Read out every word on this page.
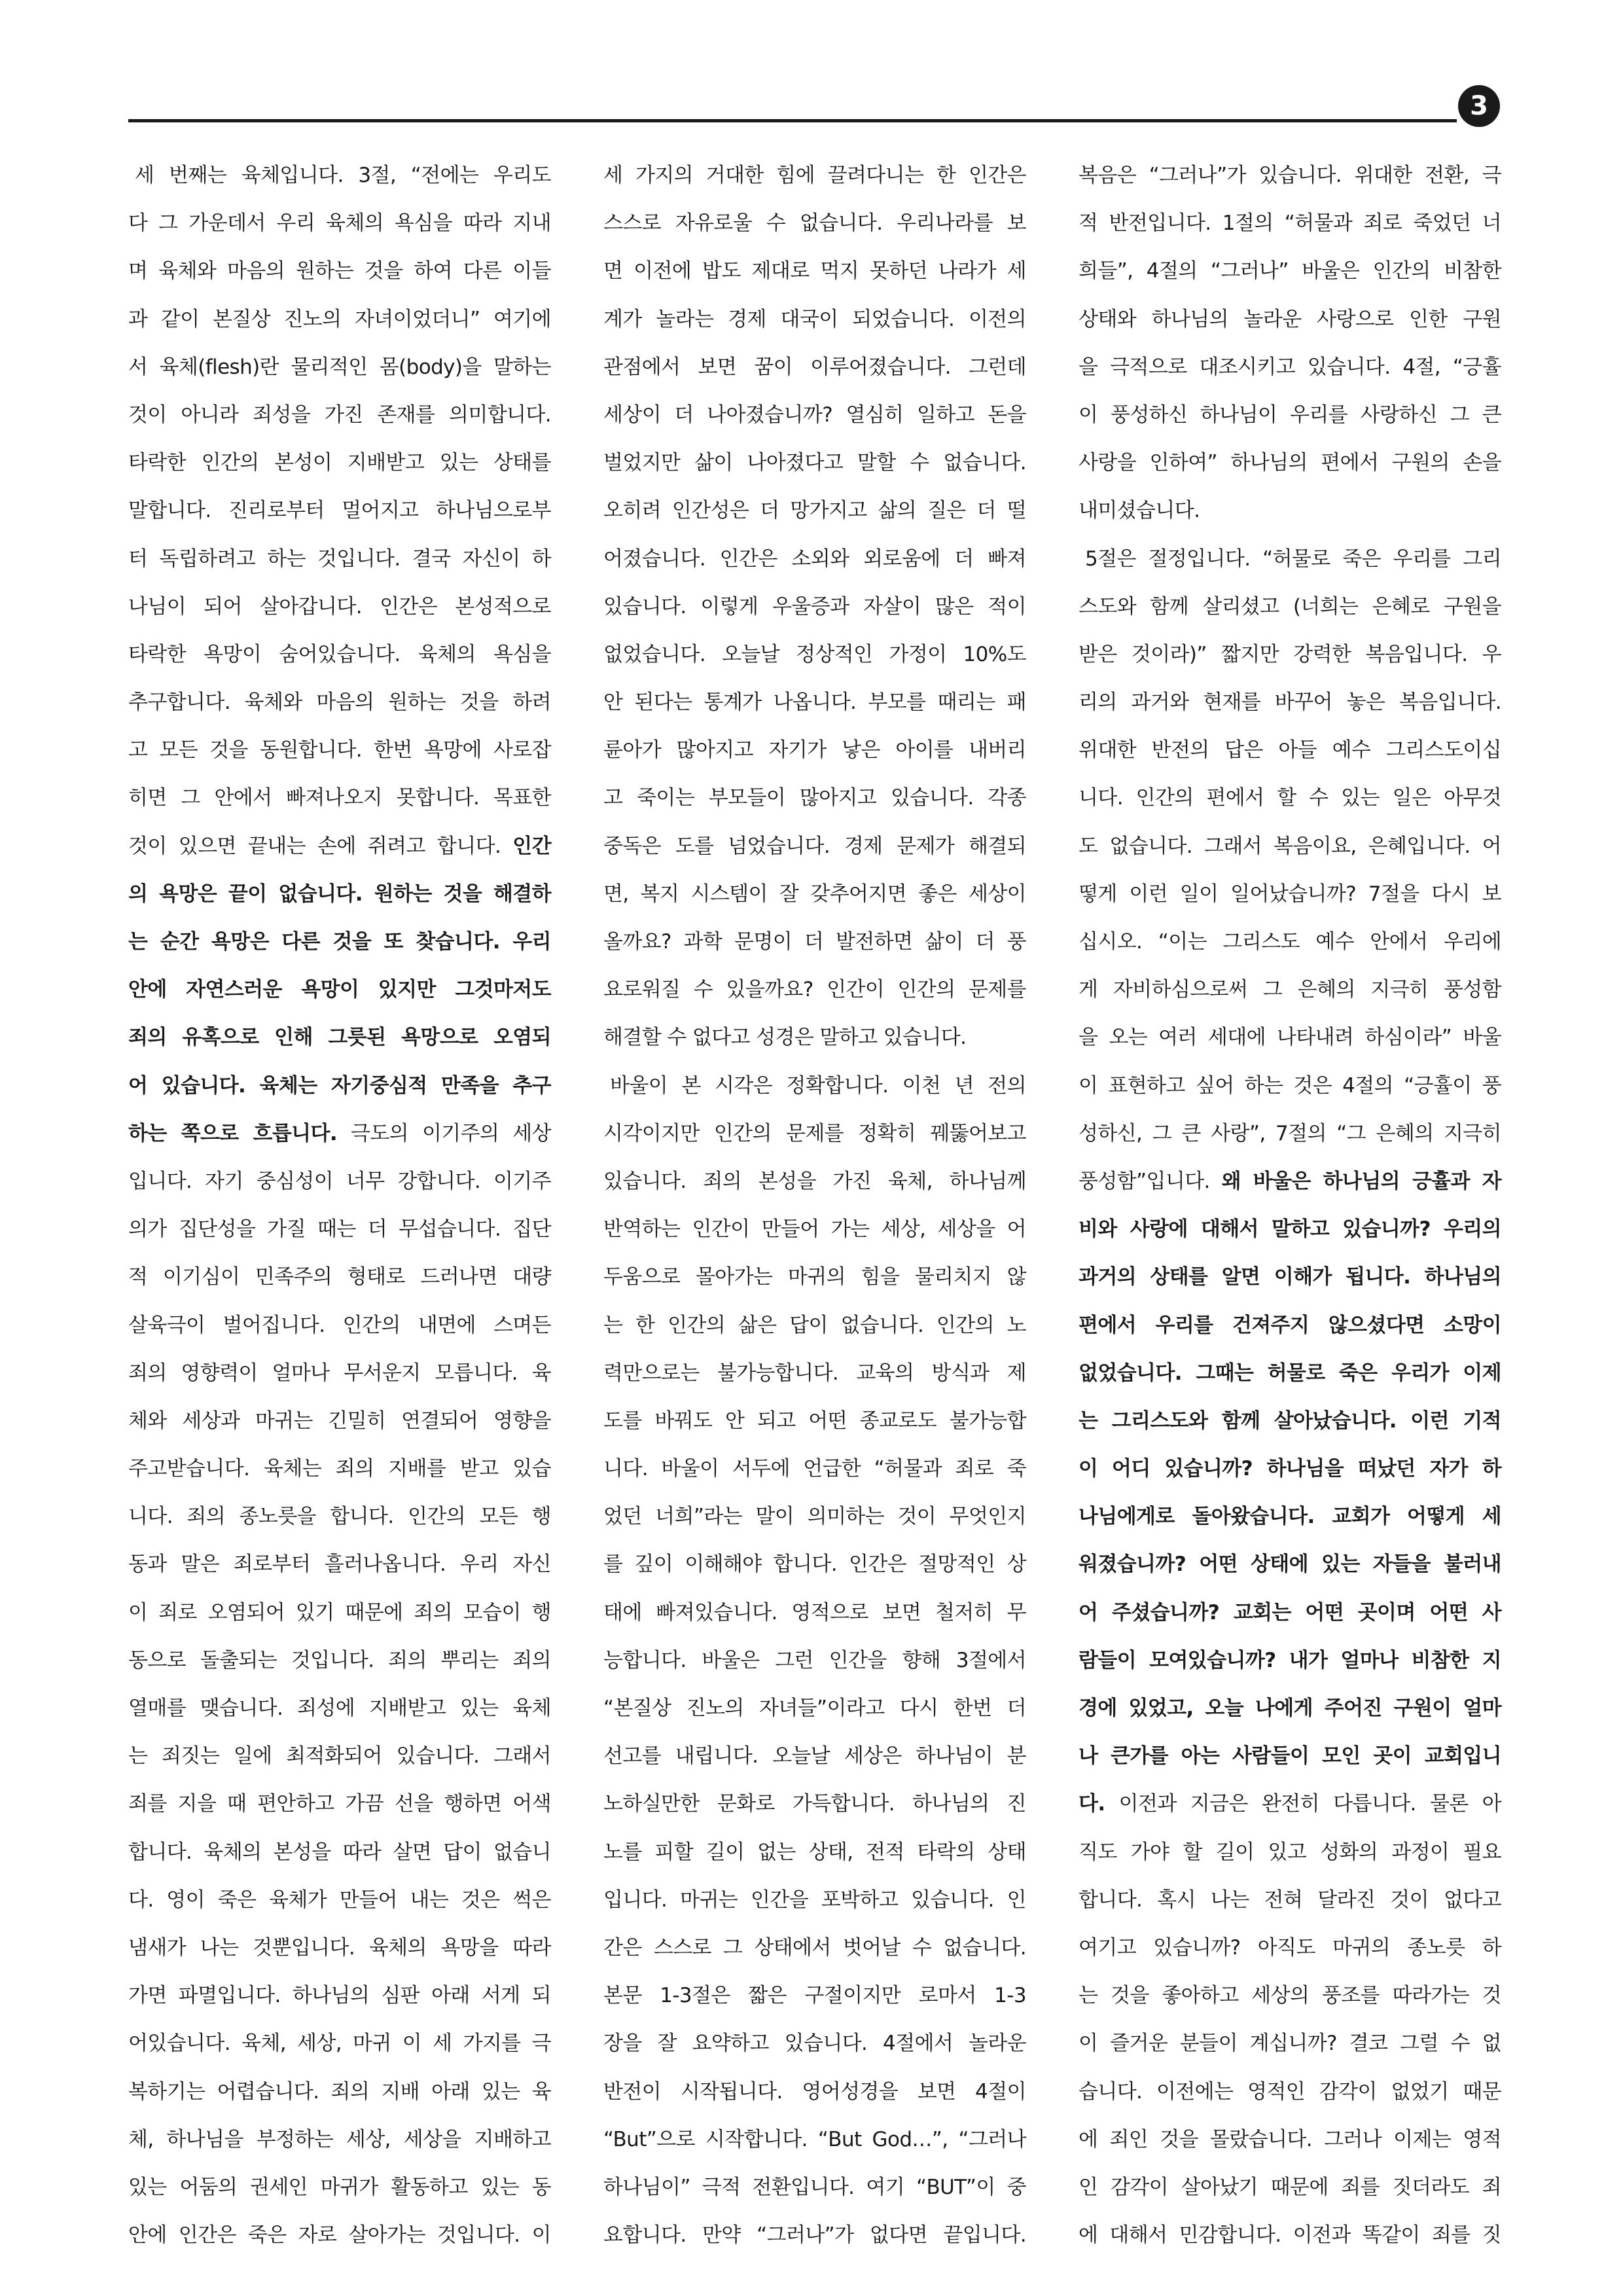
3
세 번째는 육체입니다. 3절, “전에는 우리도
다 그 가운데서 우리 육체의 욕심을 따라 지내
며 육체와 마음의 원하는 것을 하여 다른 이들
과 같이 본질상 진노의 자녀이었더니” 여기에
서 육체(flesh)란 물리적인 몸(body)을 말하는
것이 아니라 죄성을 가진 존재를 의미합니다.
타락한 인간의 본성이 지배받고 있는 상태를
말합니다. 진리로부터 멀어지고 하나님으로부
터 독립하려고 하는 것입니다. 결국 자신이 하
나님이 되어 살아갑니다. 인간은 본성적으로
타락한 욕망이 숨어있습니다. 육체의 욕심을
추구합니다. 육체와 마음의 원하는 것을 하려
고 모든 것을 동원합니다. 한번 욕망에 사로잡
히면 그 안에서 빠져나오지 못합니다. 목표한
것이 있으면 끝내는 손에 쥐려고 합니다. 인간
의 욕망은 끝이 없습니다. 원하는 것을 해결하
는 순간 욕망은 다른 것을 또 찾습니다. 우리
안에 자연스러운 욕망이 있지만 그것마저도
죄의 유혹으로 인해 그릇된 욕망으로 오염되
어 있습니다. 육체는 자기중심적 만족을 추구
하는 쪽으로 흐릅니다. 극도의 이기주의 세상
입니다. 자기 중심성이 너무 강합니다. 이기주
의가 집단성을 가질 때는 더 무섭습니다. 집단
적 이기심이 민족주의 형태로 드러나면 대량
살육극이 벌어집니다. 인간의 내면에 스며든
죄의 영향력이 얼마나 무서운지 모릅니다. 육
체와 세상과 마귀는 긴밀히 연결되어 영향을
주고받습니다. 육체는 죄의 지배를 받고 있습
니다. 죄의 종노릇을 합니다. 인간의 모든 행
동과 말은 죄로부터 흘러나옵니다. 우리 자신
이 죄로 오염되어 있기 때문에 죄의 모습이 행
동으로 돌출되는 것입니다. 죄의 뿌리는 죄의
열매를 맺습니다. 죄성에 지배받고 있는 육체
는 죄짓는 일에 최적화되어 있습니다. 그래서
죄를 지을 때 편안하고 가끔 선을 행하면 어색
합니다. 육체의 본성을 따라 살면 답이 없습니
다. 영이 죽은 육체가 만들어 내는 것은 썩은
냄새가 나는 것뿐입니다. 육체의 욕망을 따라
가면 파멸입니다. 하나님의 심판 아래 서게 되
어있습니다. 육체, 세상, 마귀 이 세 가지를 극
복하기는 어렵습니다. 죄의 지배 아래 있는 육
체, 하나님을 부정하는 세상, 세상을 지배하고
있는 어둠의 권세인 마귀가 활동하고 있는 동
안에 인간은 죽은 자로 살아가는 것입니다. 이
세 가지의 거대한 힘에 끌려다니는 한 인간은
스스로 자유로울 수 없습니다. 우리나라를 보
면 이전에 밥도 제대로 먹지 못하던 나라가 세
계가 놀라는 경제 대국이 되었습니다. 이전의
관점에서 보면 꿈이 이루어졌습니다. 그런데
세상이 더 나아졌습니까? 열심히 일하고 돈을
벌었지만 삶이 나아졌다고 말할 수 없습니다.
오히려 인간성은 더 망가지고 삶의 질은 더 떨
어졌습니다. 인간은 소외와 외로움에 더 빠져
있습니다. 이렇게 우울증과 자살이 많은 적이
없었습니다. 오늘날 정상적인 가정이 10%도
안 된다는 통계가 나옵니다. 부모를 때리는 패
륜아가 많아지고 자기가 낳은 아이를 내버리
고 죽이는 부모들이 많아지고 있습니다. 각종
중독은 도를 넘었습니다. 경제 문제가 해결되
면, 복지 시스템이 잘 갖추어지면 좋은 세상이
올까요? 과학 문명이 더 발전하면 삶이 더 풍
요로워질 수 있을까요? 인간이 인간의 문제를
해결할 수 없다고 성경은 말하고 있습니다.
바울이 본 시각은 정확합니다. 이천 년 전의
시각이지만 인간의 문제를 정확히 꿰뚫어보고
있습니다. 죄의 본성을 가진 육체, 하나님께
반역하는 인간이 만들어 가는 세상, 세상을 어
두움으로 몰아가는 마귀의 힘을 물리치지 않
는 한 인간의 삶은 답이 없습니다. 인간의 노
력만으로는 불가능합니다. 교육의 방식과 제
도를 바꿔도 안 되고 어떤 종교로도 불가능합
니다. 바울이 서두에 언급한 “허물과 죄로 죽
었던 너희”라는 말이 의미하는 것이 무엇인지
를 깊이 이해해야 합니다. 인간은 절망적인 상
태에 빠져있습니다. 영적으로 보면 철저히 무
능합니다. 바울은 그런 인간을 향해 3절에서
“본질상 진노의 자녀들”이라고 다시 한번 더
선고를 내립니다. 오늘날 세상은 하나님이 분
노하실만한 문화로 가득합니다. 하나님의 진
노를 피할 길이 없는 상태, 전적 타락의 상태
입니다. 마귀는 인간을 포박하고 있습니다. 인
간은 스스로 그 상태에서 벗어날 수 없습니다.
본문 1-3절은 짧은 구절이지만 로마서 1-3
장을 잘 요약하고 있습니다. 4절에서 놀라운
반전이 시작됩니다. 영어성경을 보면 4절이
“But”으로 시작합니다. “But God…”, “그러나
하나님이” 극적 전환입니다. 여기 “BUT”이 중
요합니다. 만약 “그러나”가 없다면 끝입니다.
복음은 “그러나”가 있습니다. 위대한 전환, 극
적 반전입니다. 1절의 “허물과 죄로 죽었던 너
희들”, 4절의 “그러나” 바울은 인간의 비참한
상태와 하나님의 놀라운 사랑으로 인한 구원
을 극적으로 대조시키고 있습니다. 4절, “긍휼
이 풍성하신 하나님이 우리를 사랑하신 그 큰
사랑을 인하여” 하나님의 편에서 구원의 손을
내미셨습니다.
5절은 절정입니다. “허물로 죽은 우리를 그리
스도와 함께 살리셨고 (너희는 은혜로 구원을
받은 것이라)” 짧지만 강력한 복음입니다. 우
리의 과거와 현재를 바꾸어 놓은 복음입니다.
위대한 반전의 답은 아들 예수 그리스도이십
니다. 인간의 편에서 할 수 있는 일은 아무것
도 없습니다. 그래서 복음이요, 은혜입니다. 어
떻게 이런 일이 일어났습니까? 7절을 다시 보
십시오. “이는 그리스도 예수 안에서 우리에
게 자비하심으로써 그 은혜의 지극히 풍성함
을 오는 여러 세대에 나타내려 하심이라” 바울
이 표현하고 싶어 하는 것은 4절의 “긍휼이 풍
성하신, 그 큰 사랑”, 7절의 “그 은혜의 지극히
풍성함”입니다. 왜 바울은 하나님의 긍휼과 자
비와 사랑에 대해서 말하고 있습니까? 우리의
과거의 상태를 알면 이해가 됩니다. 하나님의
편에서 우리를 건져주지 않으셨다면 소망이
없었습니다. 그때는 허물로 죽은 우리가 이제
는 그리스도와 함께 살아났습니다. 이런 기적
이 어디 있습니까? 하나님을 떠났던 자가 하
나님에게로 돌아왔습니다. 교회가 어떻게 세
워졌습니까? 어떤 상태에 있는 자들을 불러내
어 주셨습니까? 교회는 어떤 곳이며 어떤 사
람들이 모여있습니까? 내가 얼마나 비참한 지
경에 있었고, 오늘 나에게 주어진 구원이 얼마
나 큰가를 아는 사람들이 모인 곳이 교회입니
다. 이전과 지금은 완전히 다릅니다. 물론 아
직도 가야 할 길이 있고 성화의 과정이 필요
합니다. 혹시 나는 전혀 달라진 것이 없다고
여기고 있습니까? 아직도 마귀의 종노릇 하
는 것을 좋아하고 세상의 풍조를 따라가는 것
이 즐거운 분들이 계십니까? 결코 그럴 수 없
습니다. 이전에는 영적인 감각이 없었기 때문
에 죄인 것을 몰랐습니다. 그러나 이제는 영적
인 감각이 살아났기 때문에 죄를 짓더라도 죄
에 대해서 민감합니다. 이전과 똑같이 죄를 짓
